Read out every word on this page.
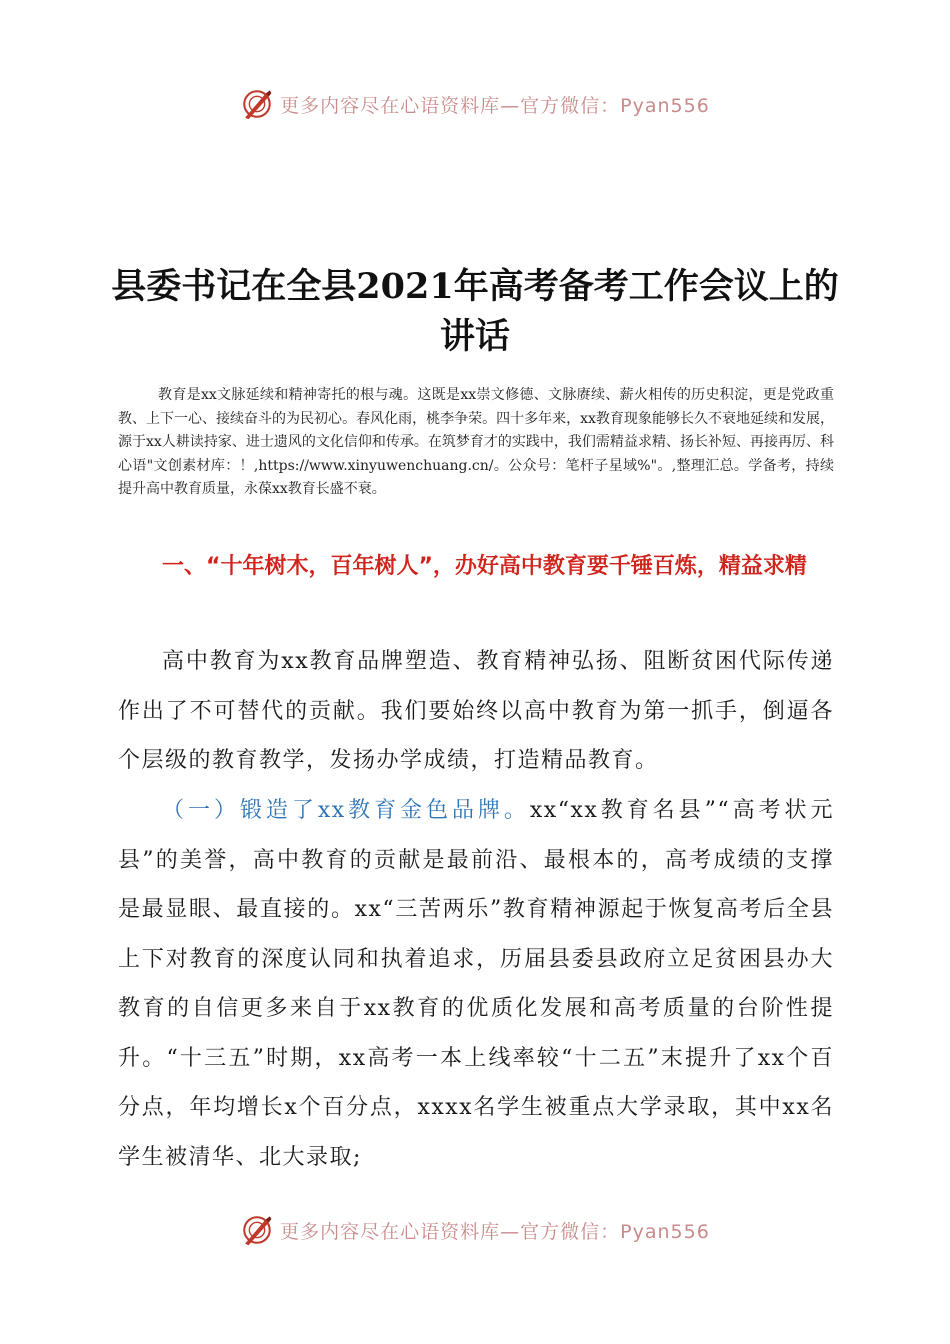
更多内容尽在心语资料库—官方微信：Pyan556
县委书记在全县2021年高考备考工作会议上的讲话
教育是xx文脉延续和精神寄托的根与魂。这既是xx崇文修德、文脉赓续、薪火相传的历史积淀，更是党政重教、上下一心、接续奋斗的为民初心。春风化雨，桃李争荣。四十多年来，xx教育现象能够长久不衰地延续和发展，源于xx人耕读持家、进士遗风的文化信仰和传承。在筑梦育才的实践中，我们需精益求精、扬长补短、再接再厉、科心语"文创素材库：！,https://www.xinyuwenchuang.cn/。公众号：笔杆子星域%"。,整理汇总。学备考，持续提升高中教育质量，永葆xx教育长盛不衰。
一、“十年树木，百年树人”，办好高中教育要千锤百炼，精益求精
高中教育为xx教育品牌塑造、教育精神弘扬、阻断贫困代际传递作出了不可替代的贡献。我们要始终以高中教育为第一抓手，倒逼各个层级的教育教学，发扬办学成绩，打造精品教育。
（一）锻造了xx教育金色品牌。xx“xx教育名县”“高考状元县”的美誉，高中教育的贡献是最前沿、最根本的，高考成绩的支撑是最显眼、最直接的。xx“三苦两乐”教育精神源起于恢复高考后全县上下对教育的深度认同和执着追求，历届县委县政府立足贫困县办大教育的自信更多来自于xx教育的优质化发展和高考质量的台阶性提升。“十三五”时期，xx高考一本上线率较“十二五”末提升了xx个百分点，年均增长x个百分点，xxxx名学生被重点大学录取，其中xx名学生被清华、北大录取;
更多内容尽在心语资料库—官方微信：Pyan556
